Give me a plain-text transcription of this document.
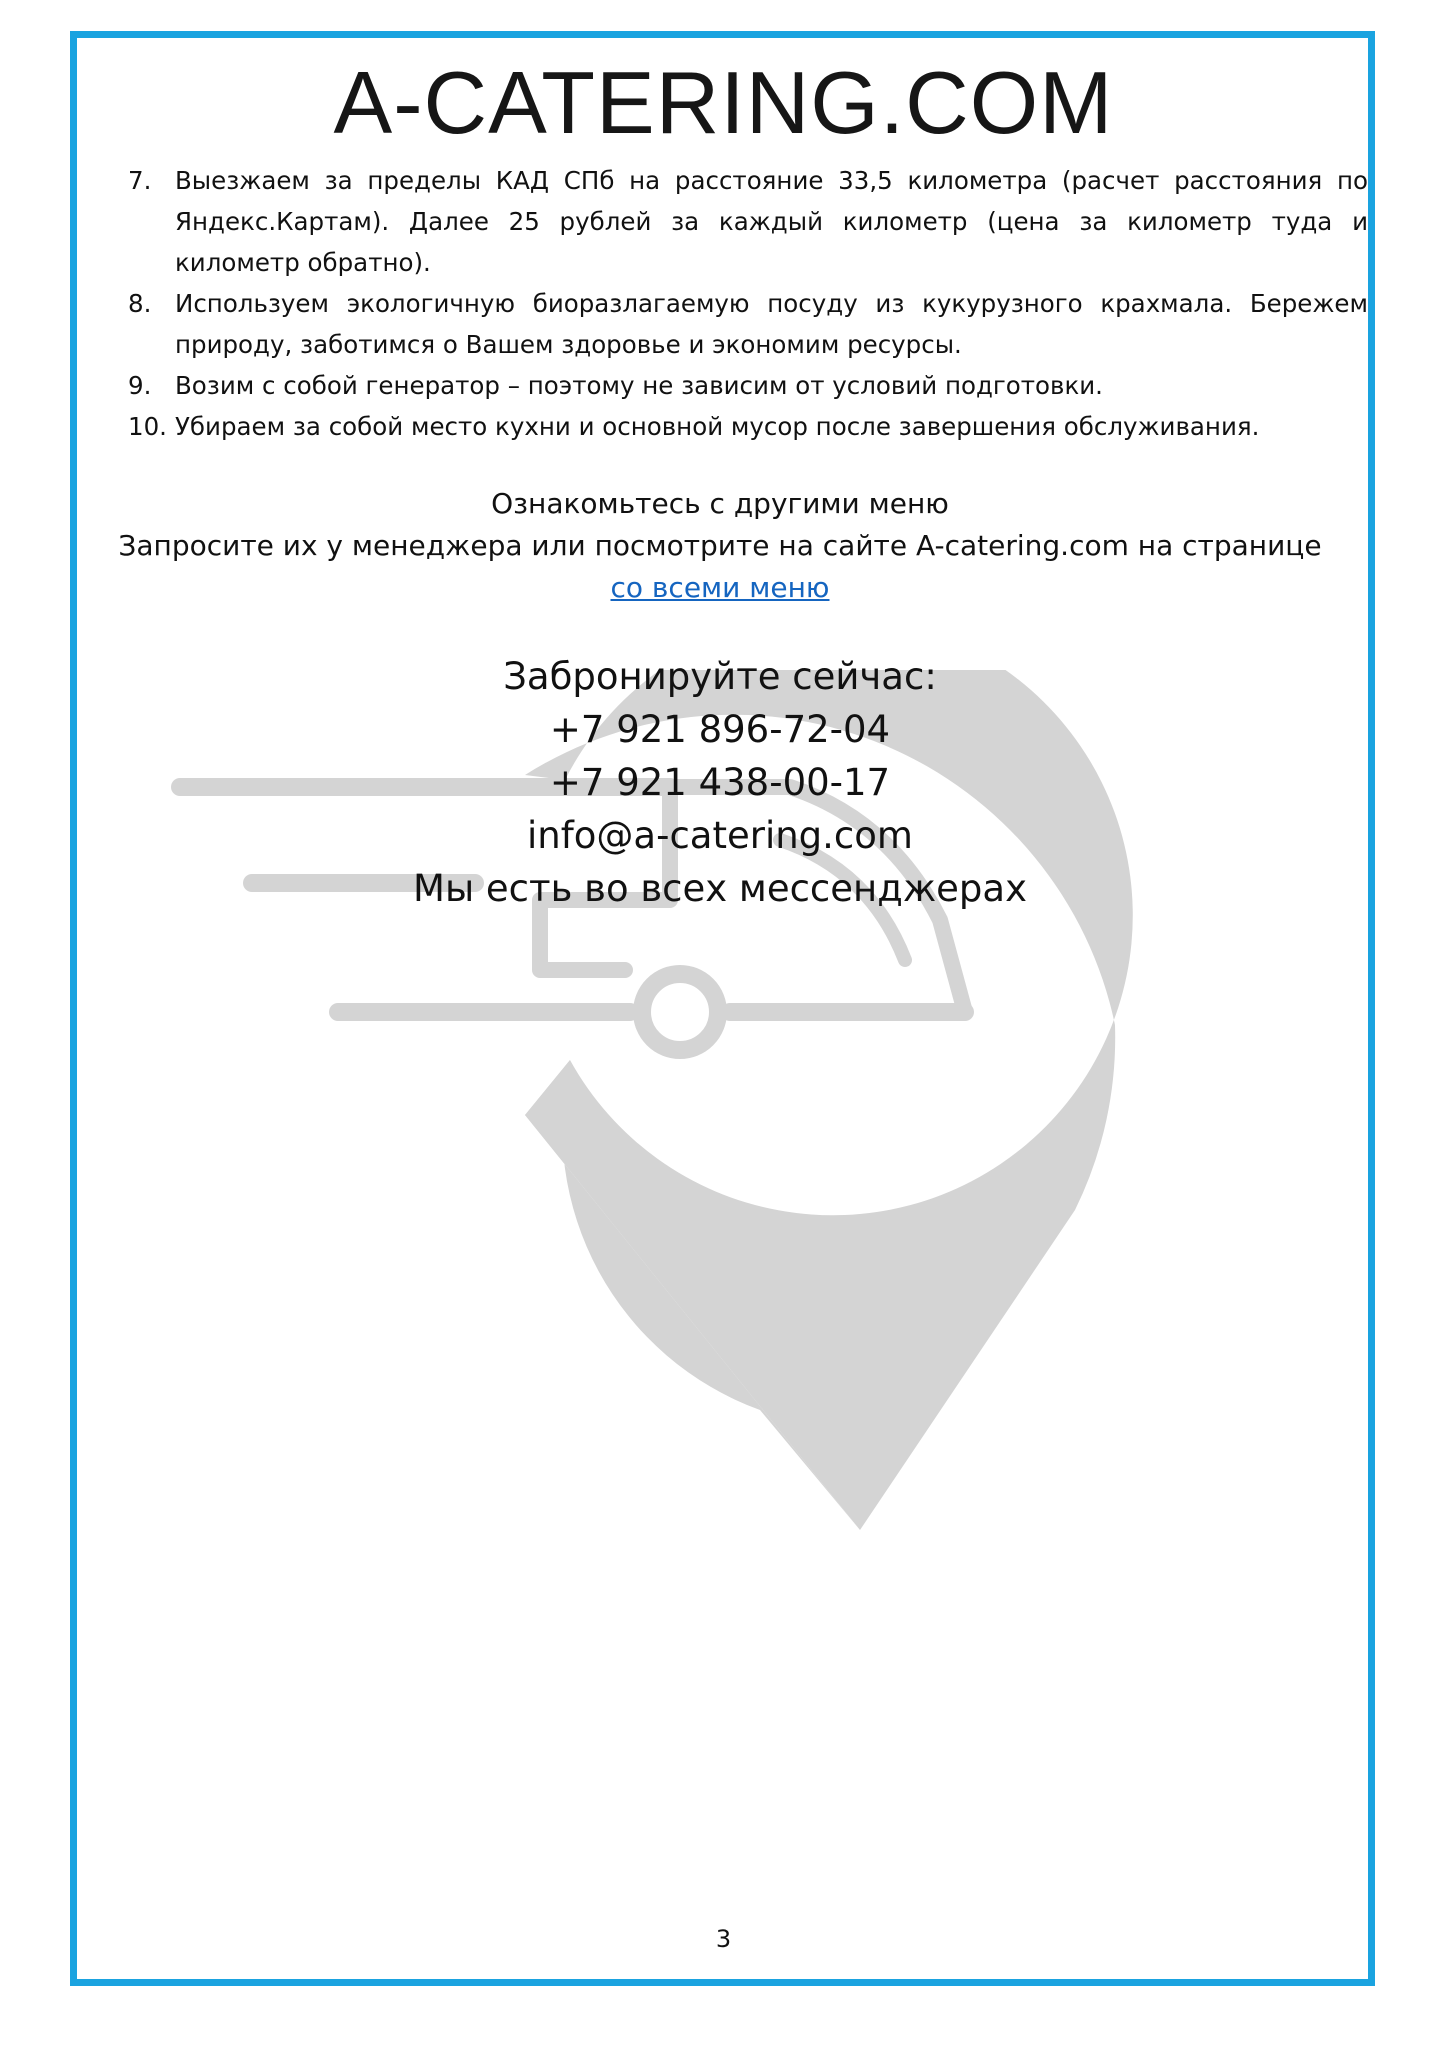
A-CATERING.COM
7. Выезжаем за пределы КАД СПб на расстояние 33,5 километра (расчет расстояния по Яндекс.Картам). Далее 25 рублей за каждый километр (цена за километр туда и километр обратно).
8. Используем экологичную биоразлагаемую посуду из кукурузного крахмала. Бережем природу, заботимся о Вашем здоровье и экономим ресурсы.
9. Возим с собой генератор – поэтому не зависим от условий подготовки.
10. Убираем за собой место кухни и основной мусор после завершения обслуживания.
Ознакомьтесь с другими меню
Запросите их у менеджера или посмотрите на сайте A-catering.com на странице
со всеми меню
Забронируйте сейчас:
+7 921 896-72-04
+7 921 438-00-17
info@a-catering.com
Мы есть во всех мессенджерах
3
